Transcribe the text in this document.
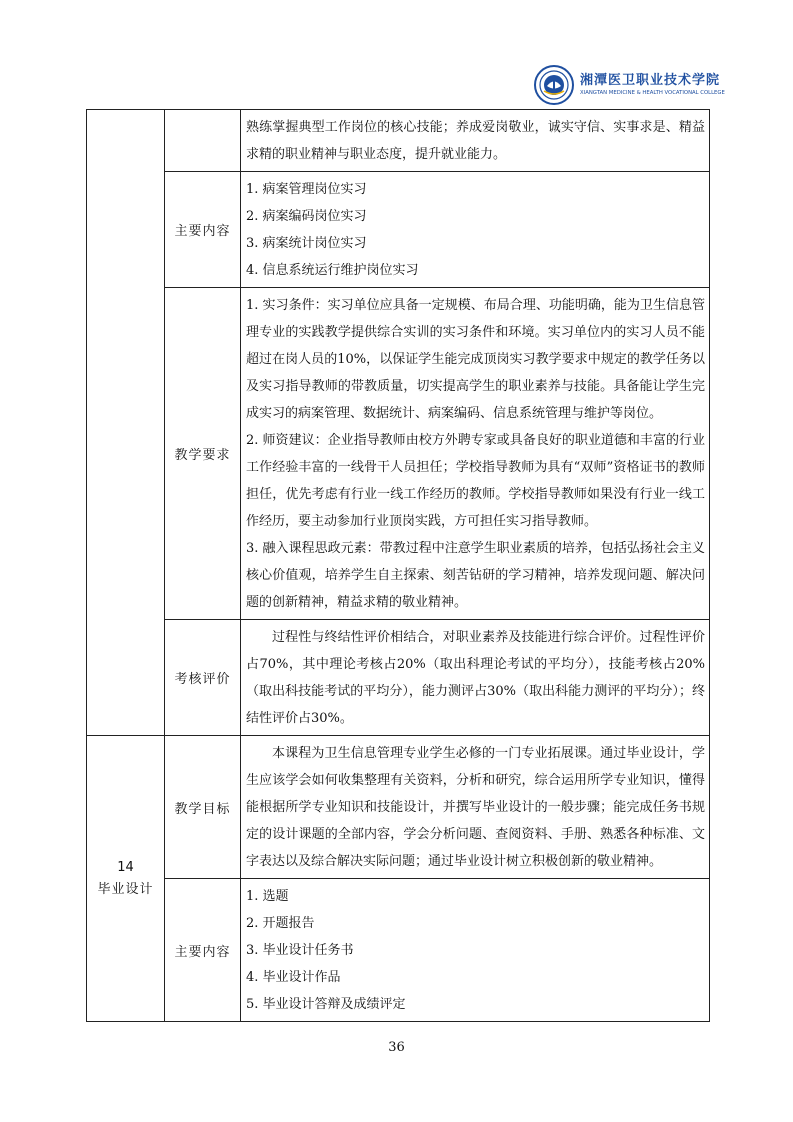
湘潭医卫职业技术学院
XIANGTAN MEDICINE & HEALTH VOCATIONAL COLLEGE

		熟练掌握典型工作岗位的核心技能；养成爱岗敬业，诚实守信、实事求是、精益求精的职业精神与职业态度，提升就业能力。

	主要内容	1. 病案管理岗位实习

2. 病案编码岗位实习

3. 病案统计岗位实习

4. 信息系统运行维护岗位实习

	教学要求	1. 实习条件：实习单位应具备一定规模、布局合理、功能明确，能为卫生信息管理专业的实践教学提供综合实训的实习条件和环境。实习单位内的实习人员不能超过在岗人员的10%，以保证学生能完成顶岗实习教学要求中规定的教学任务以及实习指导教师的带教质量，切实提高学生的职业素养与技能。具备能让学生完成实习的病案管理、数据统计、病案编码、信息系统管理与维护等岗位。

2. 师资建议：企业指导教师由校方外聘专家或具备良好的职业道德和丰富的行业工作经验丰富的一线骨干人员担任；学校指导教师为具有“双师”资格证书的教师担任，优先考虑有行业一线工作经历的教师。学校指导教师如果没有行业一线工作经历，要主动参加行业顶岗实践，方可担任实习指导教师。

3. 融入课程思政元素：带教过程中注意学生职业素质的培养，包括弘扬社会主义核心价值观，培养学生自主探索、刻苦钻研的学习精神，培养发现问题、解决问题的创新精神，精益求精的敬业精神。

	考核评价	过程性与终结性评价相结合，对职业素养及技能进行综合评价。过程性评价占70%，其中理论考核占20%（取出科理论考试的平均分），技能考核占20%（取出科技能考试的平均分），能力测评占30%（取出科能力测评的平均分）；终结性评价占30%。

14
毕业设计	教学目标	本课程为卫生信息管理专业学生必修的一门专业拓展课。通过毕业设计，学生应该学会如何收集整理有关资料，分析和研究，综合运用所学专业知识，懂得能根据所学专业知识和技能设计，并撰写毕业设计的一般步骤；能完成任务书规定的设计课题的全部内容，学会分析问题、查阅资料、手册、熟悉各种标准、文字表达以及综合解决实际问题；通过毕业设计树立积极创新的敬业精神。

	主要内容	1. 选题

2. 开题报告

3. 毕业设计任务书

4. 毕业设计作品

5. 毕业设计答辩及成绩评定

36
